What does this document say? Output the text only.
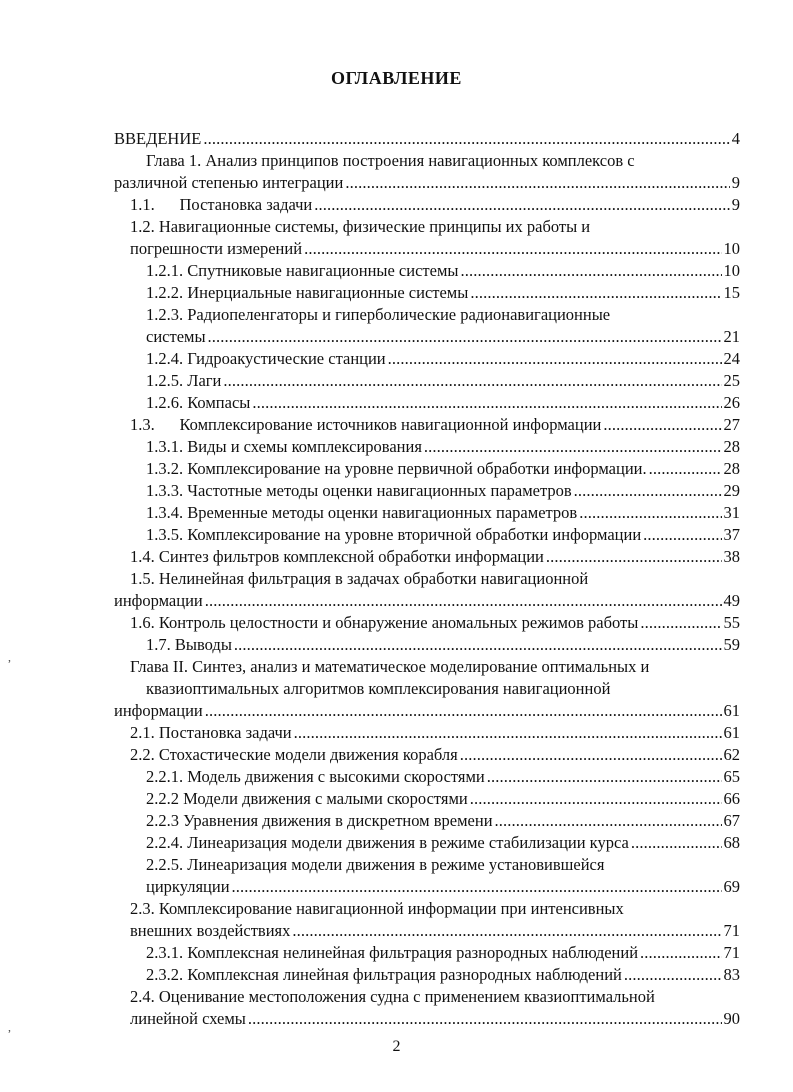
ОГЛАВЛЕНИЕ
ВВЕДЕНИЕ . . .	4
Глава 1. Анализ принципов построения навигационных комплексов с
различной степенью интеграции . . .	9
1.1.      Постановка задачи . . .	9
1.2. Навигационные системы, физические принципы их работы и
погрешности измерений . . .	10
1.2.1. Спутниковые навигационные системы . . .	10
1.2.2. Инерциальные навигационные системы . . .	15
1.2.3. Радиопеленгаторы и гиперболические радионавигационные
системы . . .	21
1.2.4. Гидроакустические станции . . .	24
1.2.5. Лаги . . .	25
1.2.6. Компасы . . .	26
1.3.      Комплексирование источников навигационной информации . . .	27
1.3.1. Виды и схемы комплексирования . . .	28
1.3.2. Комплексирование на уровне первичной обработки информации. . . .	28
1.3.3. Частотные методы оценки навигационных параметров . . .	29
1.3.4. Временные методы оценки навигационных параметров . . .	31
1.3.5. Комплексирование на уровне вторичной обработки информации . . .	37
1.4. Синтез фильтров комплексной обработки информации . . .	38
1.5. Нелинейная фильтрация в задачах обработки навигационной
информации . . .	49
1.6. Контроль целостности и обнаружение аномальных режимов работы . . .	55
1.7. Выводы . . .	59
Глава II. Синтез, анализ и математическое моделирование оптимальных и
квазиоптимальных алгоритмов комплексирования навигационной
информации . . .	61
2.1. Постановка задачи . . .	61
2.2. Стохастические модели движения корабля . . .	62
2.2.1. Модель движения с высокими скоростями . . .	65
2.2.2 Модели движения с малыми скоростями . . .	66
2.2.3 Уравнения движения в дискретном времени . . .	67
2.2.4. Линеаризация модели движения в режиме стабилизации курса . . .	68
2.2.5. Линеаризация модели движения в режиме установившейся
циркуляции . . .	69
2.3. Комплексирование навигационной информации при интенсивных
внешних воздействиях . . .	71
2.3.1. Комплексная нелинейная фильтрация разнородных наблюдений . . .	71
2.3.2. Комплексная линейная фильтрация разнородных наблюдений . . .	83
2.4. Оценивание местоположения судна с применением квазиоптимальной
линейной схемы . . .	90
2
,
,
